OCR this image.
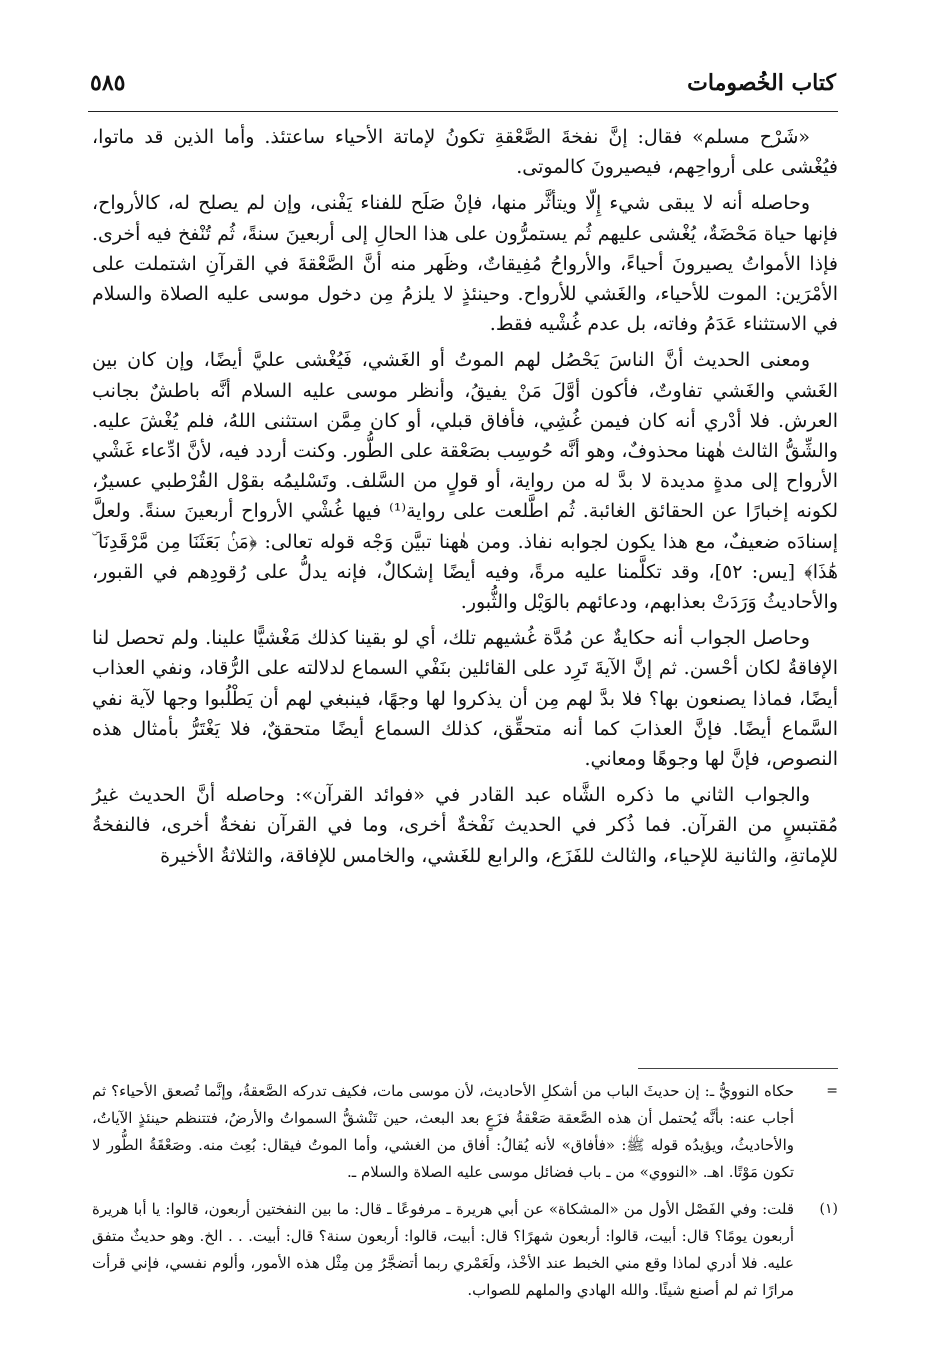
كتاب الخُصومات
٥٨٥

«شَرْح مسلم» فقال: إنَّ نفخةَ الصَّعْقةِ تكونُ لإماتة الأحياء ساعتئذ. وأما الذين قد ماتوا، فيُغْشى على أرواحِهم، فيصيرونَ كالموتى.

وحاصله أنه لا يبقى شيء إِلّا ويتأثَّر منها، فإنْ صَلَح للفناء يَفْنى، وإن لم يصلح له، كالأرواح، فإنها حياة مَحْضَةٌ، يُغْشى عليهم ثُم يستمرُّون على هذا الحالِ إلى أربعينَ سنةً، ثُم تُنْفخ فيه أخرى. فإذا الأمواتُ يصيرونَ أحياءً، والأرواحُ مُفِيقاتٌ، وظَهر منه أنَّ الصَّعْقةَ في القرآنِ اشتملت على الأمْرَين: الموت للأحياء، والغَشي للأرواح. وحينئذٍ لا يلزمُ مِن دخول موسى عليه الصلاة والسلام في الاستثناء عَدَمُ وفاته، بل عدم غُشْيه فقط.

ومعنى الحديث أنَّ الناسَ يَحْصُل لهم الموتُ أو الغَشي، فَيُغْشى عليَّ أيضًا، وإن كان بين الغَشي والغَشي تفاوتٌ، فأكون أوَّلَ مَنْ يفيقُ، وأنظر موسى عليه السلام أنَّه باطشٌ بجانب العرش. فلا أدْري أنه كان فيمن غُشِي، فأفاق قبلي، أو كان مِمَّن استثنى اللهُ، فلم يُغْشَ عليه. والشِّقُّ الثالث هٰهنا محذوفٌ، وهو أنَّه حُوسِب بصَعْقة على الطُّور. وكنت أردد فيه، لأنَّ ادِّعاء غَشْي الأرواح إلى مدةٍ مديدة لا بدَّ له من رواية، أو قولٍ من السَّلف. وتَسْليمُه بقوْل القُرْطبي عسيرٌ، لكونه إخبارًا عن الحقائق الغائبة. ثُم اطَّلعت على رواية⁽¹⁾ فيها غُشْي الأرواح أربعينَ سنةً. ولعلَّ إسنادَه ضعيفٌ، مع هذا يكون لجوابه نفاذ. ومن هٰهنا تبيَّن وَجْه قوله تعالى: ﴿مَنۢ بَعَثَنَا مِن مَّرْقَدِنَا ۜ هَٰذَا﴾ [يس: ٥٢]، وقد تكلَّمنا عليه مرةً، وفيه أيضًا إشكالٌ، فإنه يدلُّ على رُقودِهم في القبور، والأحاديثُ وَرَدَتْ بعذابهم، ودعائهم بالوَيْل والثُّبور.

وحاصل الجواب أنه حكايةٌ عن مُدَّة غُشيهم تلك، أي لو بقينا كذلك مَغْشيًّا علينا. ولم تحصل لنا الإفاقةُ لكان أحْسن. ثم إنَّ الآيةَ تَرِد على القائلين بنَفْي السماع لدلالته على الرُّقاد، ونفي العذاب أيضًا، فماذا يصنعون بها؟ فلا بدَّ لهم مِن أن يذكروا لها وجهًا، فينبغي لهم أن يَطْلُبوا وجها لآية نفي السَّماع أيضًا. فإنَّ العذابَ كما أنه متحقِّق، كذلك السماع أيضًا متحققٌ، فلا يَغْتَرُّ بأمثال هذه النصوص، فإنَّ لها وجوهًا ومعاني.

والجواب الثاني ما ذكره الشَّاه عبد القادر في «فوائد القرآن»: وحاصله أنَّ الحديث غيرُ مُقتبسٍ من القرآن. فما ذُكر في الحديث نَفْخةٌ أخرى، وما في القرآن نفخةٌ أخرى، فالنفخةُ للإماتةِ، والثانية للإحياء، والثالث للفَزَع، والرابع للغَشي، والخامس للإفاقة، والثلاثةُ الأخيرة

=
حكاه النوويُّ ـ: إن حديثَ الباب من أشكلِ الأحاديث، لأن موسى مات، فكيف تدركه الصَّعقةُ، وإنَّما تُصعق الأحياء؟ ثم أجاب عنه: بأنَّه يُحتمل أن هذه الصَّعقة صَعْقةُ فزَعٍ بعد البعث، حين تَنْشقُّ السمواتُ والأرضُ، فتتنظم حينئذٍ الآياتُ، والأحاديثُ، ويؤيدُه قوله ﷺ: «فأفاق» لأنه يُقالُ: أفاق من الغشي، وأما الموتُ فيقال: بُعِث منه. وصَعْقَةُ الطُّور لا تكون مَوْتًا. اهـ. «النووي» من ـ باب فضائل موسى عليه الصلاة والسلام ـ.
(١)
قلت: وفي الفَصْل الأول من «المشكاة» عن أبي هريرة ـ مرفوعًا ـ قال: ما بين النفختين أربعون، قالوا: يا أبا هريرة أربعون يومًا؟ قال: أبيت، قالوا: أربعون شهرًا؟ قال: أبيت، قالوا: أربعون سنة؟ قال: أبيت. . . الخ. وهو حديثٌ متفق عليه. فلا أدري لماذا وقع مني الخبط عند الأخْذ، ولَعَمْري ربما أتضجَّرُ مِن مِثْل هذه الأمور، وألوم نفسي، فإني قرأت مرارًا ثم لم أصنع شيئًا. والله الهادي والملهم للصواب.
